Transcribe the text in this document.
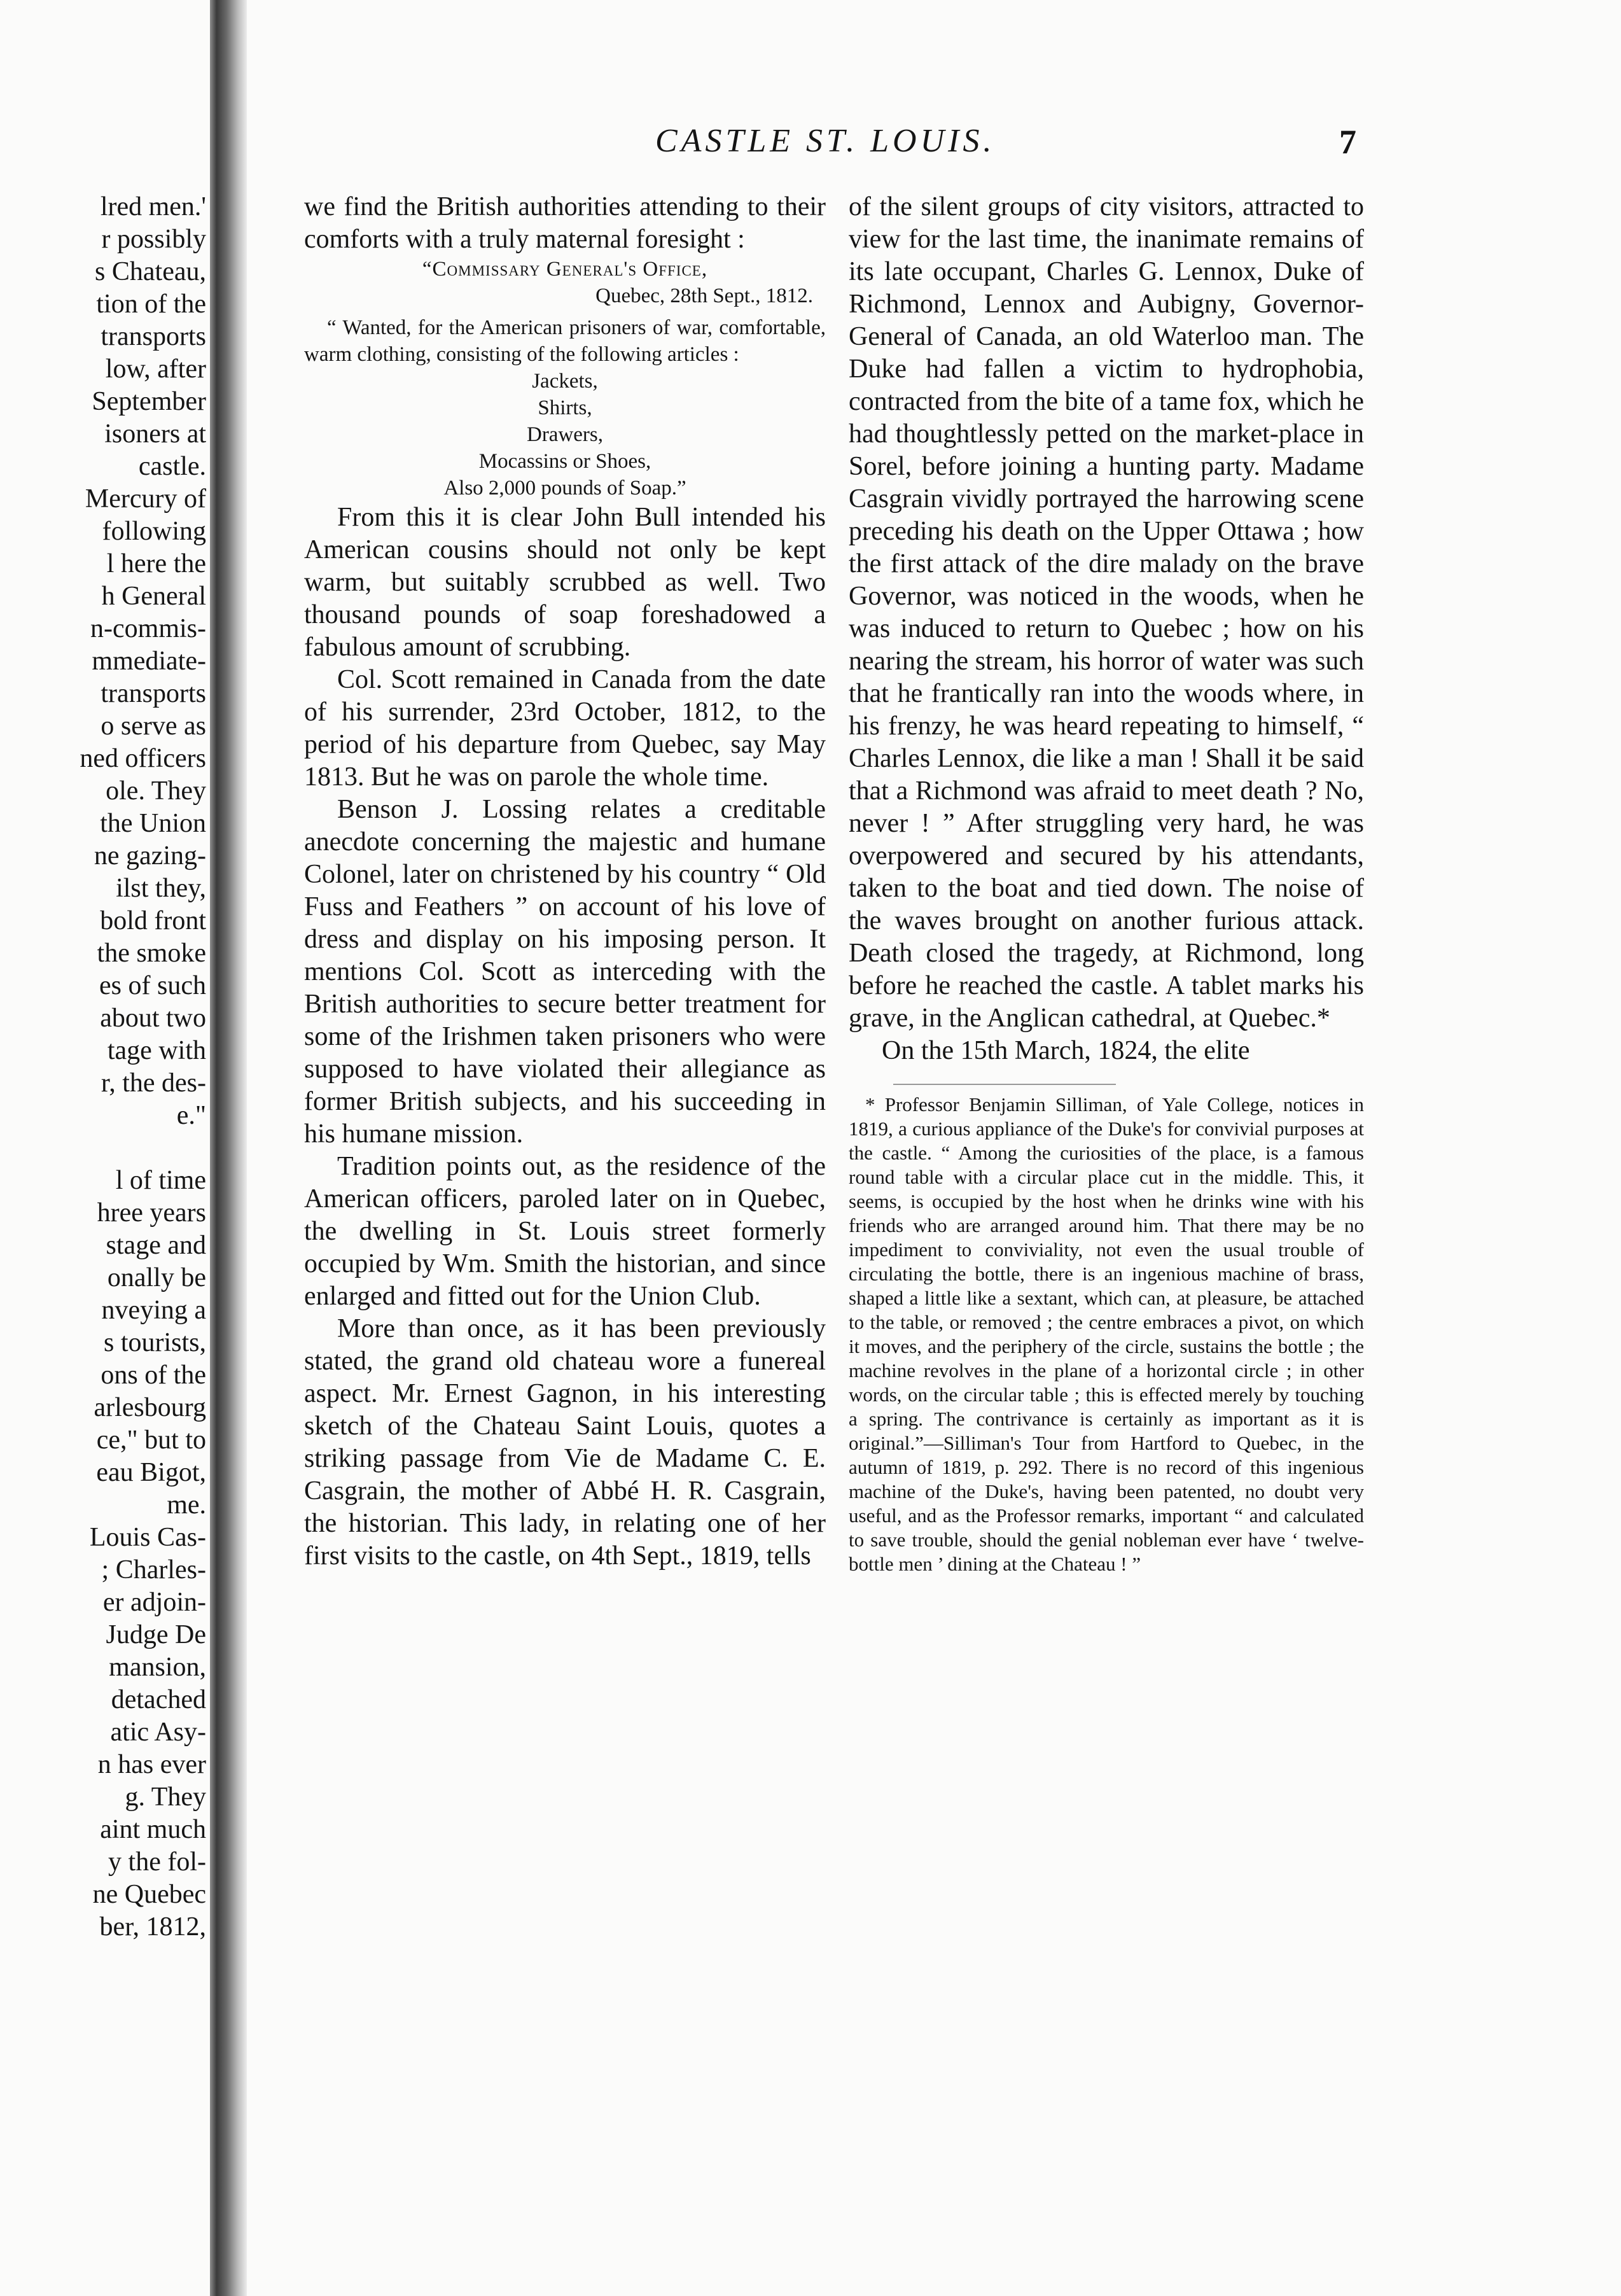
lred men.'
r possibly
s Chateau,
tion of the
transports
low, after
September
isoners at
castle.
Mercury of
following
l here the
h General
n-commis-
mmediate-
transports
o serve as
ned officers
ole. They
the Union
ne gazing-
ilst they,
bold front
the smoke
es of such
about two
tage with
r, the des-
e."
l of time
hree years
stage and
onally be
nveying a
s tourists,
ons of the
arlesbourg
ce," but to
eau Bigot,
me.
Louis Cas-
; Charles-
er adjoin-
Judge De
mansion,
detached
atic Asy-
n has ever
g. They
aint much
y the fol-
ne Quebec
ber, 1812,
CASTLE ST. LOUIS.	7

we find the British authorities attending to their comforts with a truly maternal foresight :

“Commissary General's Office,
Quebec, 28th Sept., 1812.
“ Wanted, for the American prisoners of war, comfortable, warm clothing, consisting of the following articles :
Jackets,
Shirts,
Drawers,
Mocassins or Shoes,
Also 2,000 pounds of Soap.”

From this it is clear John Bull intended his American cousins should not only be kept warm, but suitably scrubbed as well. Two thousand pounds of soap foreshadowed a fabulous amount of scrubbing.

Col. Scott remained in Canada from the date of his surrender, 23rd October, 1812, to the period of his departure from Quebec, say May 1813. But he was on parole the whole time.

Benson J. Lossing relates a creditable anecdote concerning the majestic and humane Colonel, later on christened by his country “ Old Fuss and Feathers ” on account of his love of dress and display on his imposing person. It mentions Col. Scott as interceding with the British authorities to secure better treatment for some of the Irishmen taken prisoners who were supposed to have violated their allegiance as former British subjects, and his succeeding in his humane mission.

Tradition points out, as the residence of the American officers, paroled later on in Quebec, the dwelling in St. Louis street formerly occupied by Wm. Smith the historian, and since enlarged and fitted out for the Union Club.

More than once, as it has been previously stated, the grand old chateau wore a funereal aspect. Mr. Ernest Gagnon, in his interesting sketch of the Chateau Saint Louis, quotes a striking passage from Vie de Madame C. E. Casgrain, the mother of Abbé H. R. Casgrain, the historian. This lady, in relating one of her first visits to the castle, on 4th Sept., 1819, tells

of the silent groups of city visitors, attracted to view for the last time, the inanimate remains of its late occupant, Charles G. Lennox, Duke of Richmond, Lennox and Aubigny, Governor-General of Canada, an old Waterloo man. The Duke had fallen a victim to hydrophobia, contracted from the bite of a tame fox, which he had thoughtlessly petted on the market-place in Sorel, before joining a hunting party. Madame Casgrain vividly portrayed the harrowing scene preceding his death on the Upper Ottawa ; how the first attack of the dire malady on the brave Governor, was noticed in the woods, when he was induced to return to Quebec ; how on his nearing the stream, his horror of water was such that he frantically ran into the woods where, in his frenzy, he was heard repeating to himself, “ Charles Lennox, die like a man ! Shall it be said that a Richmond was afraid to meet death ? No, never ! ” After struggling very hard, he was overpowered and secured by his attendants, taken to the boat and tied down. The noise of the waves brought on another furious attack. Death closed the tragedy, at Richmond, long before he reached the castle. A tablet marks his grave, in the Anglican cathedral, at Quebec.*

On the 15th March, 1824, the elite

* Professor Benjamin Silliman, of Yale College, notices in 1819, a curious appliance of the Duke's for convivial purposes at the castle. “ Among the curiosities of the place, is a famous round table with a circular place cut in the middle. This, it seems, is occupied by the host when he drinks wine with his friends who are arranged around him. That there may be no impediment to conviviality, not even the usual trouble of circulating the bottle, there is an ingenious machine of brass, shaped a little like a sextant, which can, at pleasure, be attached to the table, or removed ; the centre embraces a pivot, on which it moves, and the periphery of the circle, sustains the bottle ; the machine revolves in the plane of a horizontal circle ; in other words, on the circular table ; this is effected merely by touching a spring. The contrivance is certainly as important as it is original.”—Silliman's Tour from Hartford to Quebec, in the autumn of 1819, p. 292. There is no record of this ingenious machine of the Duke's, having been patented, no doubt very useful, and as the Professor remarks, important “ and calculated to save trouble, should the genial nobleman ever have ‘ twelve-bottle men ’ dining at the Chateau ! ”
